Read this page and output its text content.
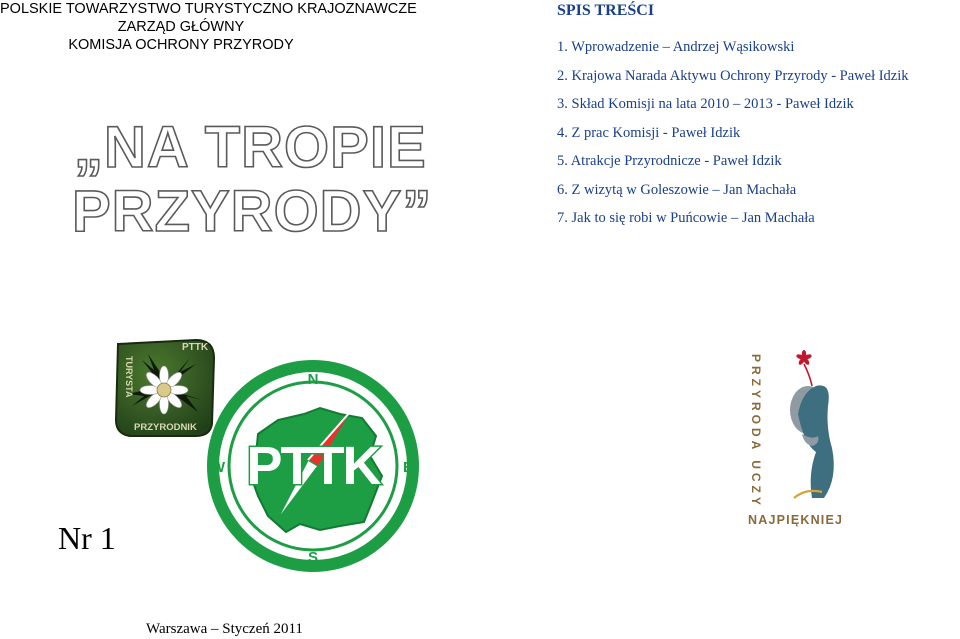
POLSKIE TOWARZYSTWO TURYSTYCZNO KRAJOZNAWCZE
ZARZĄD GŁÓWNY
KOMISJA OCHRONY PRZYRODY
„NA TROPIE
PRZYRODY”
SPIS TREŚCI
1. Wprowadzenie – Andrzej Wąsikowski
2. Krajowa Narada Aktywu Ochrony Przyrody - Paweł Idzik
3. Skład Komisji na lata 2010 – 2013 - Paweł Idzik
4. Z prac Komisji - Paweł Idzik
5. Atrakcje Przyrodnicze - Paweł Idzik
6. Z wizytą w Goleszowie – Jan Machała
7. Jak to się robi w Puńcowie – Jan Machała
PTTK
TURYSTA
PRZYRODNIK
N
S
W	E
PTTK	PRZYRODA UCZY
NAJPIĘKNIEJ
Nr 1
Warszawa – Styczeń 2011
